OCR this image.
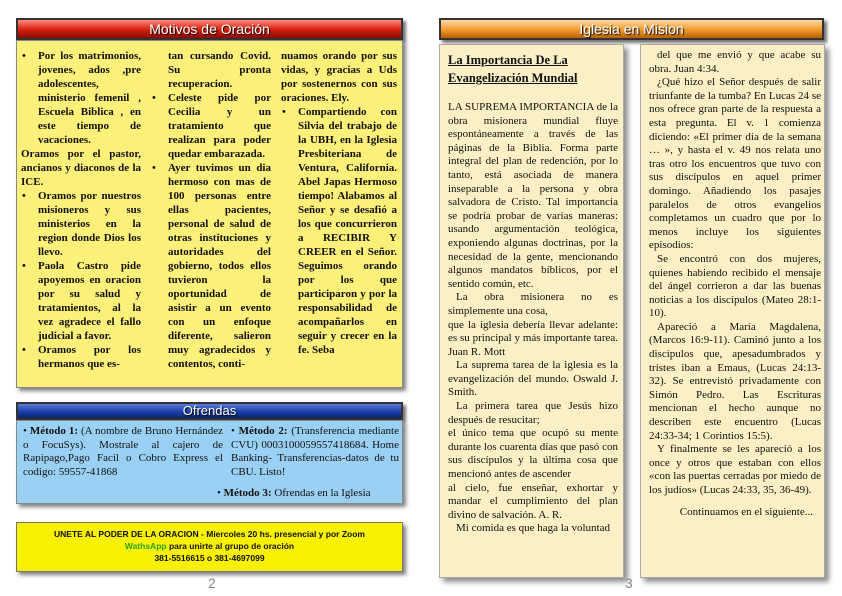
Motivos de Oración
• Por los matrimonios, jovenes, ados ,pre adolescentes, ministerio femenil , Escuela Biblica , en este tiempo de vacaciones.
Oramos por el pastor, ancianos y diaconos de la ICE.
• Oramos por nuestros misioneros y sus ministerios en la region donde Dios los llevo.
• Paola Castro pide apoyemos en oracion por su salud y tratamientos, al la vez agradece el fallo judicial a favor.
• Oramos por los hermanos que es-
tan cursando Covid. Su pronta recuperacion.
• Celeste pide por Cecilia y un tratamiento que realizan para poder quedar embarazada.
• Ayer tuvimos un dia hermoso con mas de 100 personas entre ellas pacientes, personal de salud de otras instituciones y autoridades del gobierno, todos ellos tuvieron la oportunidad de asistir a un evento con un enfoque diferente, salieron muy agradecidos y contentos, conti-
nuamos orando por sus vidas, y gracias a Uds por sostenernos con sus oraciones. Ely.
• Compartiendo con Silvia del trabajo de la UBH, en la Iglesia Presbiteriana de Ventura, California. Abel Japas Hermoso tiempo! Alabamos al Señor y se desafió a los que concurrieron a RECIBIR Y CREER en el Señor. Seguimos orando por los que participaron y por la responsabilidad de acompañarlos en seguir y crecer en la fe. Seba
Ofrendas
• Método 1: (A nombre de Bruno Hernández o FocuSys). Mostrale al cajero de Rapipago,Pago Facil o Cobro Express el codigo: 59557-41868
• Método 2: (Transferencia mediante CVU) 0003100059557418684. Home Banking- Transferencias-datos de tu CBU. Listo!
• Método 3: Ofrendas en la Iglesia
UNETE AL PODER DE LA ORACION - Miercoles 20 hs. presencial y por Zoom
WathsApp para unirte al grupo de oración
381-5516615 o 381-4697099
2
Iglesia en Mision
La Importancia De La Evangelización Mundial

LA SUPREMA IMPORTANCIA de la obra misionera mundial fluye espontáneamente a través de las páginas de la Biblia. Forma parte integral del plan de redención, por lo tanto, está asociada de manera inseparable a la persona y obra salvadora de Cristo. Tal importancia se podría probar de varias maneras: usando argumentación teológica, exponiendo algunas doctrinas, por la necesidad de la gente, mencionando algunos mandatos bíblicos, por el sentido común, etc.

La obra misionera no es simplemente una cosa,

que la iglesia debería llevar adelante: es su principal y más importante tarea. Juan R. Mott

La suprema tarea de la iglesia es la evangelización del mundo. Oswald J. Smith.

La primera tarea que Jesús hizo después de resucitar;

el único tema que ocupó su mente durante los cuarenta días que pasó con sus discípulos y la última cosa que mencionó antes de ascender

al cielo, fue enseñar, exhortar y mandar el cumplimiento del plan divino de salvación. A. R.

Mi comida es que haga la voluntad

del que me envió y que acabe su obra. Juan 4:34.

¿Qué hizo el Señor después de salir triunfante de la tumba? En Lucas 24 se nos ofrece gran parte de la respuesta a esta pregunta. El v. 1 comienza diciendo: «El primer día de la semana … », y hasta el v. 49 nos relata uno tras otro los encuentros que tuvo con sus discípulos en aquel primer domingo. Añadiendo los pasajes paralelos de otros evangelios completamos un cuadro que por lo menos incluye los siguientes episodios:

Se encontró con dos mujeres, quienes habiendo recibido el mensaje del ángel corrieron a dar las buenas noticias a los discípulos (Mateo 28:1-10).

Apareció a María Magdalena, (Marcos 16:9-11). Caminó junto a los discípulos que, apesadumbrados y tristes iban a Emaus, (Lucas 24:13-32). Se entrevistó privadamente con Simón Pedro. Las Escrituras mencionan el hecho aunque no describen este encuentro (Lucas 24:33-34; 1 Corintios 15:5).

Y finalmente se les apareció a los once y otros que estaban con ellos «con las puertas cerradas por miedo de los judíos» (Lucas 24:33, 35, 36-49).

Continuamos en el siguiente...

3
